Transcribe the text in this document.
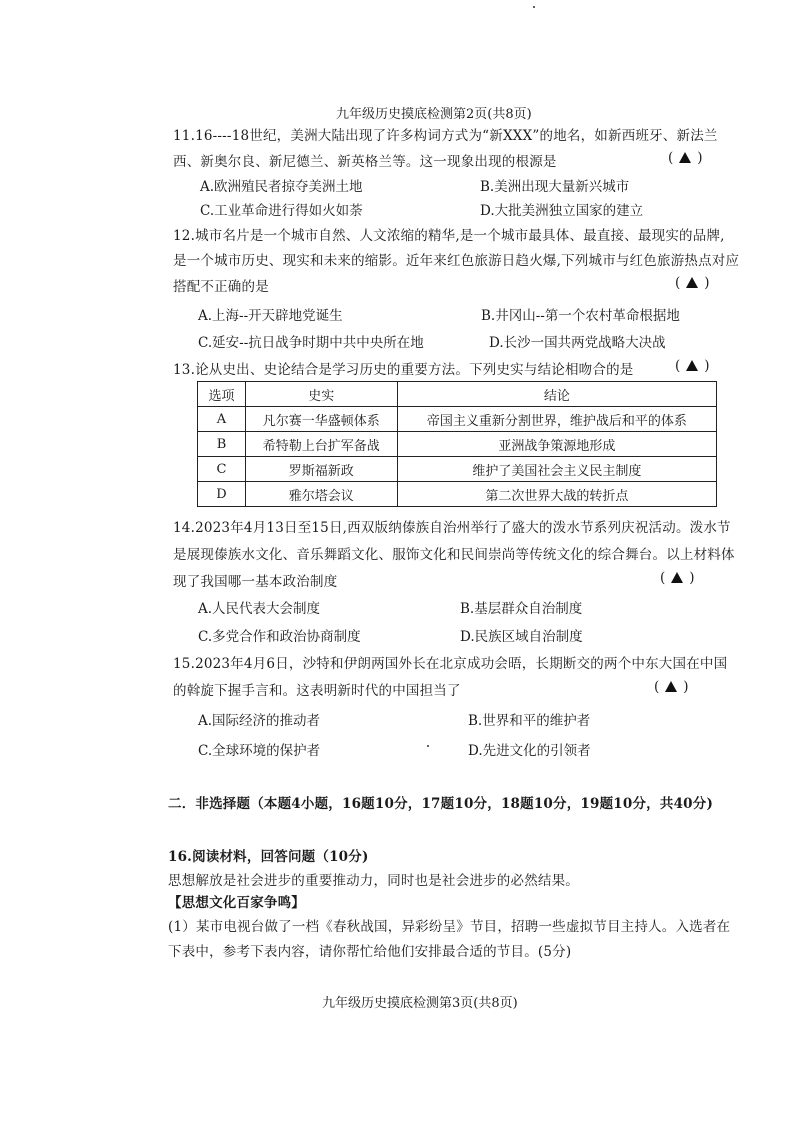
九年级历史摸底检测第2页(共8页)
11.16----18世纪，美洲大陆出现了许多构词方式为“新XXX”的地名，如新西班牙、新法兰
西、新奥尔良、新尼德兰、新英格兰等。这一现象出现的根源是	( )
A.欧洲殖民者掠夺美洲土地	B.美洲出现大量新兴城市
C.工业革命进行得如火如荼	D.大批美洲独立国家的建立
12.城市名片是一个城市自然、人文浓缩的精华,是一个城市最具体、最直接、最现实的品牌,
是一个城市历史、现实和未来的缩影。近年来红色旅游日趋火爆,下列城市与红色旅游热点对应
搭配不正确的是	( )
A.上海--开天辟地党诞生	B.井冈山--第一个农村革命根据地
C.延安--抗日战争时期中共中央所在地	D.长沙一国共两党战略大决战
13.论从史出、史论结合是学习历史的重要方法。下列史实与结论相吻合的是	( )
选项	史实	结论
A	凡尔赛一华盛顿体系	帝国主义重新分割世界，维护战后和平的体系
B	希特勒上台扩军备战	亚洲战争策源地形成
C	罗斯福新政	维护了美国社会主义民主制度
D	雅尔塔会议	第二次世界大战的转折点
14.2023年4月13日至15日,西双版纳傣族自治州举行了盛大的泼水节系列庆祝活动。泼水节
是展现傣族水文化、音乐舞蹈文化、服饰文化和民间崇尚等传统文化的综合舞台。以上材料体
现了我国哪一基本政治制度	( )
A.人民代表大会制度	B.基层群众自治制度
C.多党合作和政治协商制度	D.民族区域自治制度
15.2023年4月6日，沙特和伊朗两国外长在北京成功会晤，长期断交的两个中东大国在中国
的斡旋下握手言和。这表明新时代的中国担当了	( )
A.国际经济的推动者	B.世界和平的维护者
C.全球环境的保护者	D.先进文化的引领者
二．非选择题（本题4小题，16题10分，17题10分，18题10分，19题10分，共40分)
16.阅读材料，回答问题（10分)
思想解放是社会进步的重要推动力，同时也是社会进步的必然结果。
【思想文化百家争鸣】
(1）某市电视台做了一档《春秋战国，异彩纷呈》节目，招聘一些虚拟节目主持人。入选者在
下表中，参考下表内容，请你帮忙给他们安排最合适的节目。(5分)
九年级历史摸底检测第3页(共8页)
